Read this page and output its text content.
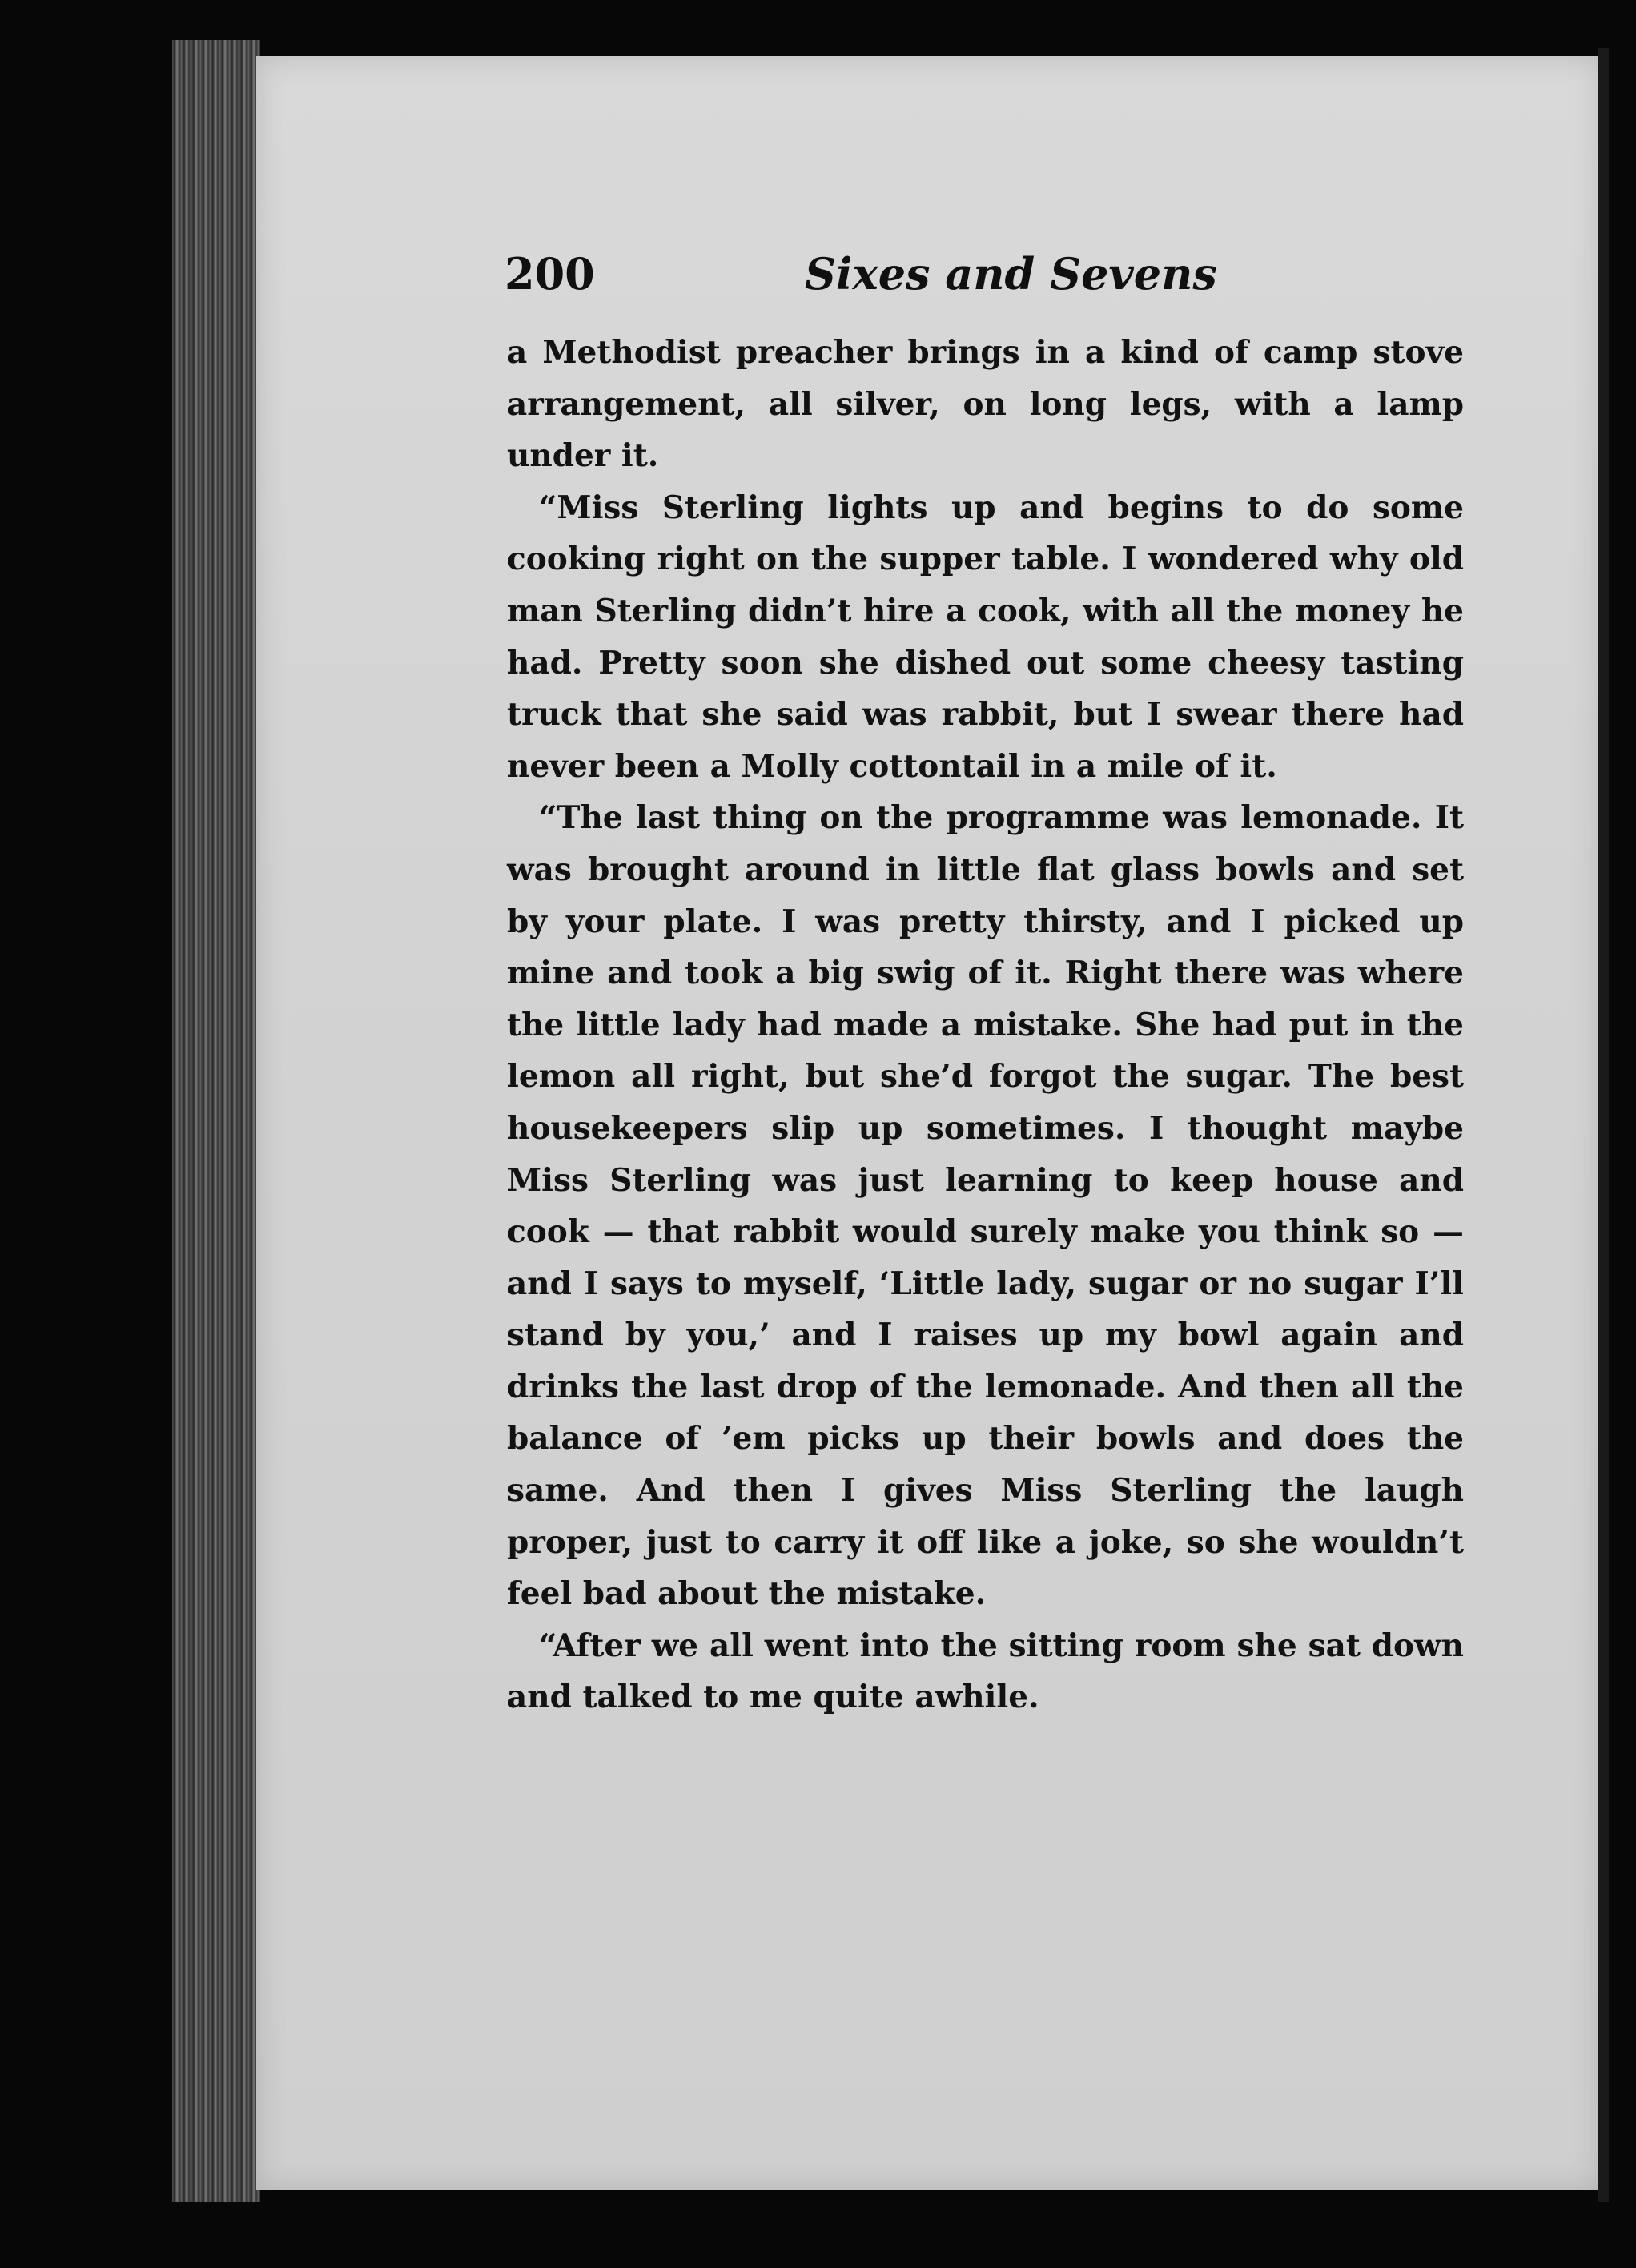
200	Sixes and Sevens

a Methodist preacher brings in a kind of camp stove arrangement, all silver, on long legs, with a lamp under it.

“Miss Sterling lights up and begins to do some cooking right on the supper table. I wondered why old man Sterling didn’t hire a cook, with all the money he had. Pretty soon she dished out some cheesy tasting truck that she said was rabbit, but I swear there had never been a Molly cottontail in a mile of it.

“The last thing on the programme was lemonade. It was brought around in little flat glass bowls and set by your plate. I was pretty thirsty, and I picked up mine and took a big swig of it. Right there was where the little lady had made a mistake. She had put in the lemon all right, but she’d forgot the sugar. The best housekeepers slip up sometimes. I thought maybe Miss Sterling was just learning to keep house and cook — that rabbit would surely make you think so — and I says to myself, ‘Little lady, sugar or no sugar I’ll stand by you,’ and I raises up my bowl again and drinks the last drop of the lemonade. And then all the balance of ’em picks up their bowls and does the same. And then I gives Miss Sterling the laugh proper, just to carry it off like a joke, so she wouldn’t feel bad about the mistake.

“After we all went into the sitting room she sat down and talked to me quite awhile.
